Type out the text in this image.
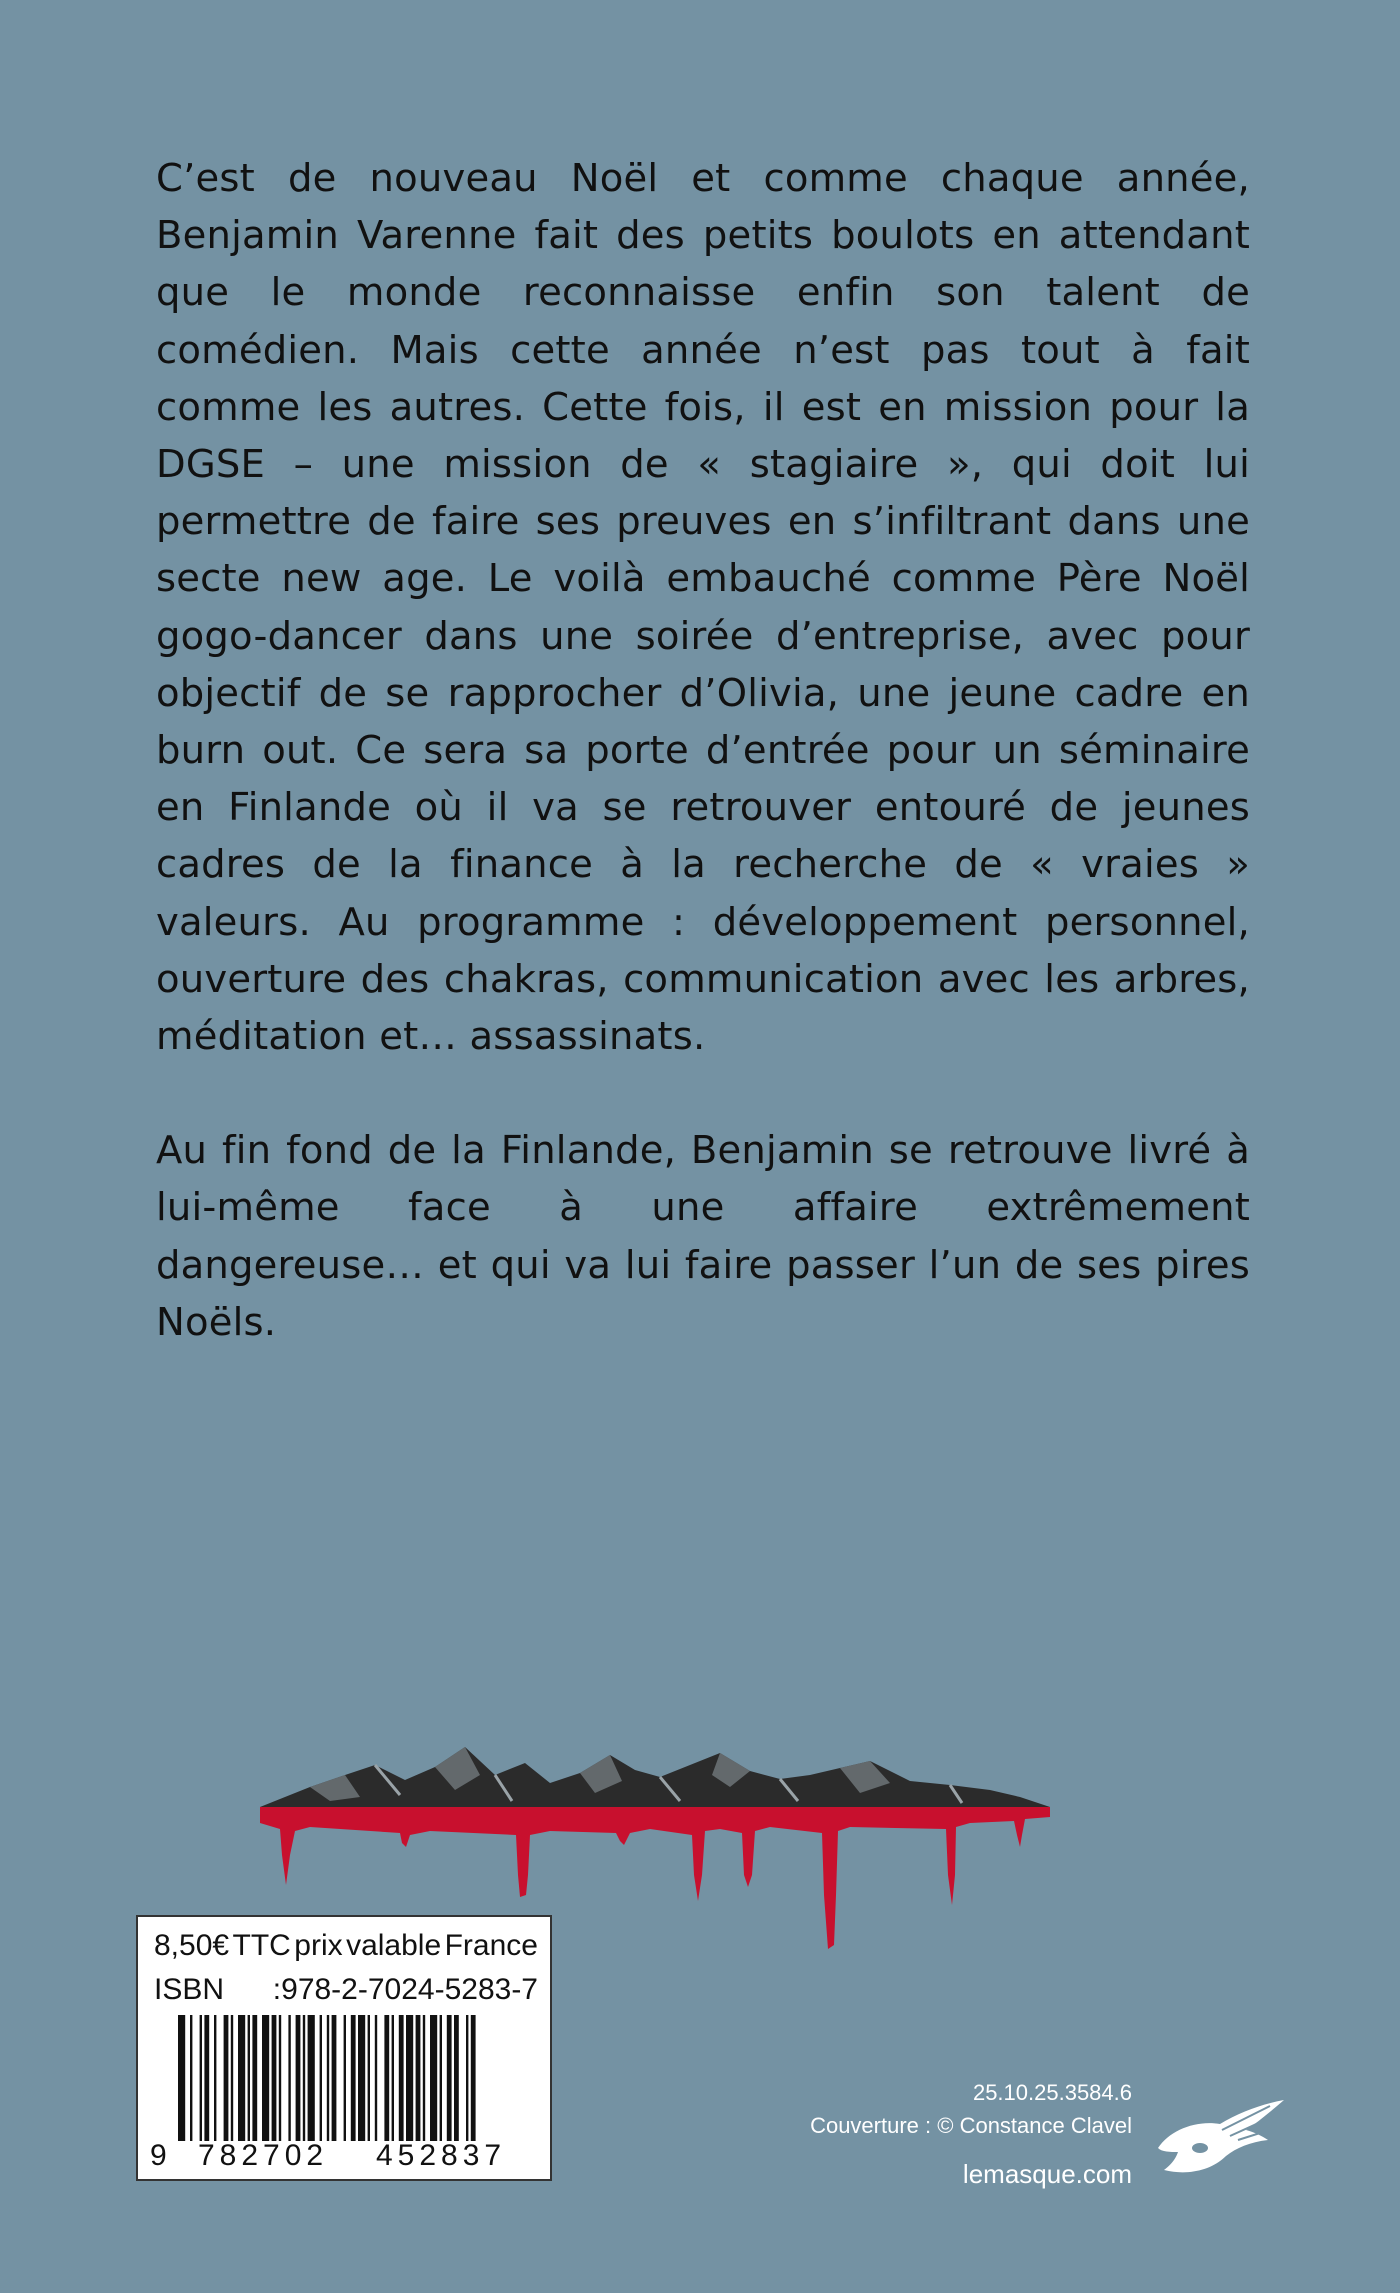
C’est de nouveau Noël et comme chaque année, Benjamin Varenne fait des petits boulots en attendant que le monde reconnaisse enfin son talent de comédien. Mais cette année n’est pas tout à fait comme les autres. Cette fois, il est en mission pour la DGSE – une mission de « stagiaire », qui doit lui permettre de faire ses preuves en s’infiltrant dans une secte new age. Le voilà embauché comme Père Noël gogo-dancer dans une soirée d’entreprise, avec pour objectif de se rapprocher d’Olivia, une jeune cadre en burn out. Ce sera sa porte d’entrée pour un séminaire en Finlande où il va se retrouver entouré de jeunes cadres de la finance à la recherche de « vraies » valeurs. Au programme : développement personnel, ouverture des chakras, communication avec les arbres, méditation et… assassinats.

Au fin fond de la Finlande, Benjamin se retrouve livré à lui-même face à une affaire extrêmement dangereuse… et qui va lui faire passer l’un de ses pires Noëls.

8,50€ TTC prix valable France
ISBN :978-2-7024-5283-7
9 782702 452837
25.10.25.3584.6
Couverture : © Constance Clavel
lemasque.com
